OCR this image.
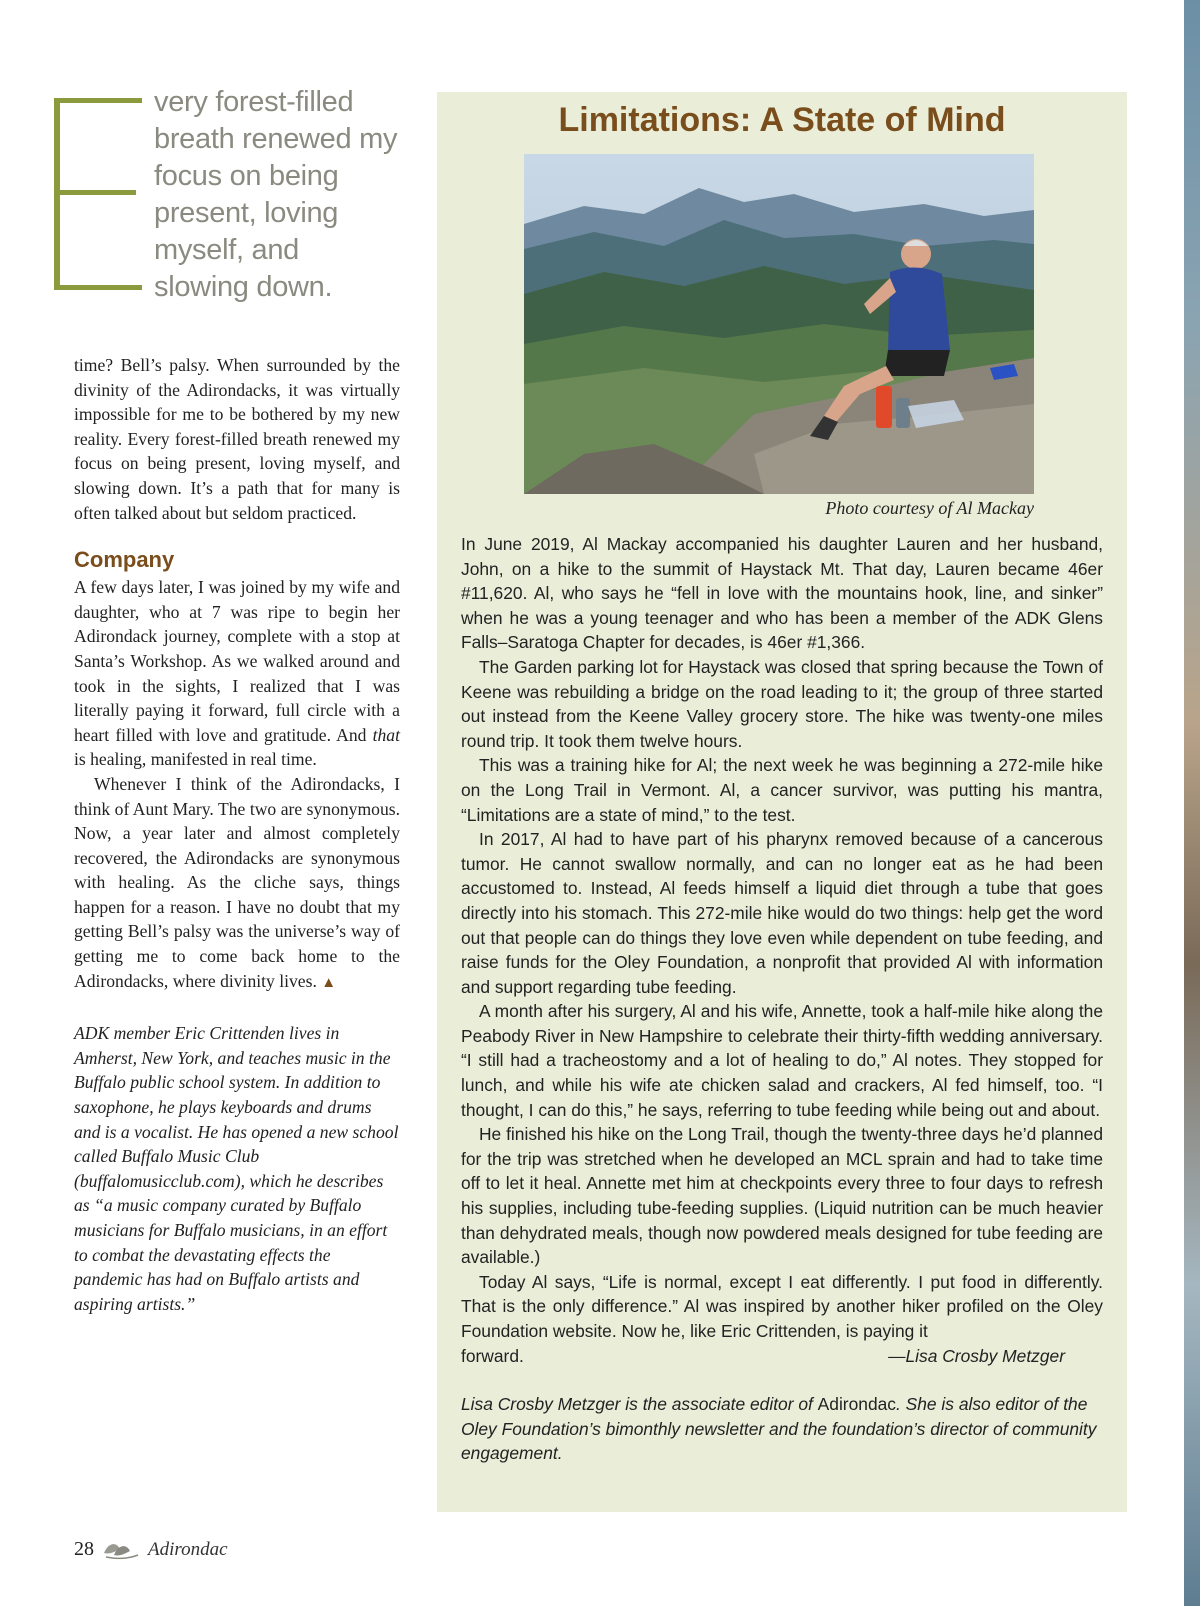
very forest-filled
breath renewed my
focus on being
present, loving
myself, and
slowing down.

time? Bell’s palsy. When surrounded by the divinity of the Adirondacks, it was virtually impossible for me to be bothered by my new reality. Every forest-filled breath renewed my focus on being present, loving myself, and slowing down. It’s a path that for many is often talked about but seldom practiced.

Company

A few days later, I was joined by my wife and daughter, who at 7 was ripe to begin her Adirondack journey, complete with a stop at Santa’s Workshop. As we walked around and took in the sights, I realized that I was literally paying it forward, full circle with a heart filled with love and gratitude. And that is healing, manifested in real time.

Whenever I think of the Adirondacks, I think of Aunt Mary. The two are synonymous. Now, a year later and almost completely recovered, the Adirondacks are synonymous with healing. As the cliche says, things happen for a reason. I have no doubt that my getting Bell’s palsy was the universe’s way of getting me to come back home to the Adirondacks, where divinity lives. ▲

ADK member Eric Crittenden lives in Amherst, New York, and teaches music in the Buffalo public school system. In addition to saxophone, he plays keyboards and drums and is a vocalist. He has opened a new school called Buffalo Music Club (buffalomusicclub.com), which he describes as “a music company curated by Buffalo musicians for Buffalo musicians, in an effort to combat the devastating effects the pandemic has had on Buffalo artists and aspiring artists.”
28	Adirondac
Limitations: A State of Mind
Photo courtesy of Al Mackay

In June 2019, Al Mackay accompanied his daughter Lauren and her husband, John, on a hike to the summit of Haystack Mt. That day, Lauren became 46er #11,620. Al, who says he “fell in love with the mountains hook, line, and sinker” when he was a young teenager and who has been a member of the ADK Glens Falls–Saratoga Chapter for decades, is 46er #1,366.

The Garden parking lot for Haystack was closed that spring because the Town of Keene was rebuilding a bridge on the road leading to it; the group of three started out instead from the Keene Valley grocery store. The hike was twenty-one miles round trip. It took them twelve hours.

This was a training hike for Al; the next week he was beginning a 272-mile hike on the Long Trail in Vermont. Al, a cancer survivor, was putting his mantra, “Limitations are a state of mind,” to the test.

In 2017, Al had to have part of his pharynx removed because of a cancerous tumor. He cannot swallow normally, and can no longer eat as he had been accustomed to. Instead, Al feeds himself a liquid diet through a tube that goes directly into his stomach. This 272-mile hike would do two things: help get the word out that people can do things they love even while dependent on tube feeding, and raise funds for the Oley Foundation, a nonprofit that provided Al with information and support regarding tube feeding.

A month after his surgery, Al and his wife, Annette, took a half-mile hike along the Peabody River in New Hampshire to celebrate their thirty-fifth wedding anniversary. “I still had a tracheostomy and a lot of healing to do,” Al notes. They stopped for lunch, and while his wife ate chicken salad and crackers, Al fed himself, too. “I thought, I can do this,” he says, referring to tube feeding while being out and about.

He finished his hike on the Long Trail, though the twenty-three days he’d planned for the trip was stretched when he developed an MCL sprain and had to take time off to let it heal. Annette met him at checkpoints every three to four days to refresh his supplies, including tube-feeding supplies. (Liquid nutrition can be much heavier than dehydrated meals, though now powdered meals designed for tube feeding are available.)

Today Al says, “Life is normal, except I eat differently. I put food in differently. That is the only difference.” Al was inspired by another hiker profiled on the Oley Foundation website. Now he, like Eric Crittenden, is paying it

forward.	—Lisa Crosby Metzger

Lisa Crosby Metzger is the associate editor of Adirondac. She is also editor of the Oley Foundation’s bimonthly newsletter and the foundation’s director of community engagement.
